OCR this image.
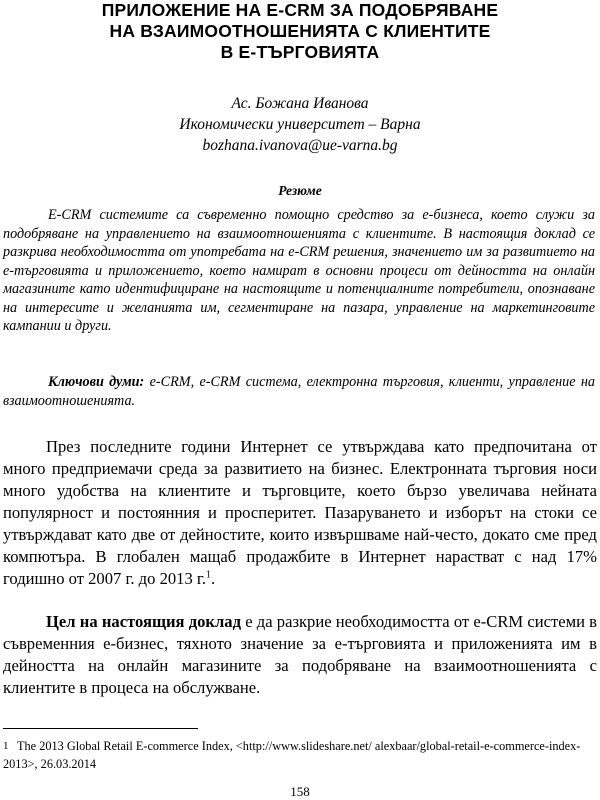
ПРИЛОЖЕНИЕ НА E-CRM ЗА ПОДОБРЯВАНЕ
НА ВЗАИМООТНОШЕНИЯТА С КЛИЕНТИТЕ
В Е-ТЪРГОВИЯТА
Ас. Божана Иванова
Икономически университет – Варна
bozhana.ivanova@ue-varna.bg
Резюме

E-CRM системите са съвременно помощно средство за е-бизнеса, което служи за подобряване на управлението на взаимоотношенията с клиентите. В настоящия доклад се разкрива необходимостта от употребата на е-CRM решения, значението им за развитието на е-търговията и приложението, което намират в основни процеси от дейността на онлайн магазините като идентифициране на настоящите и потенциалните потребители, опознаване на интересите и желанията им, сегментиране на пазара, управление на маркетинговите кампании и други.

Ключови думи: e-CRM, e-CRM система, електронна търговия, клиенти, управление на взаимоотношенията.

През последните години Интернет се утвърждава като предпочитана от много предприемачи среда за развитието на бизнес. Електронната търговия носи много удобства на клиентите и търговците, което бързо увеличава нейната популярност и постоянния и просперитет. Пазаруването и изборът на стоки се утвърждават като две от дейностите, които извършваме най-често, докато сме пред компютъра. В глобален мащаб продажбите в Интернет нарастват с над 17% годишно от 2007 г. до 2013 г.$^1$.

Цел на настоящия доклад е да разкрие необходимостта от e-CRM системи в съвременния е-бизнес, тяхното значение за е-търговията и приложенията им в дейността на онлайн магазините за подобряване на взаимоотношенията с клиентите в процеса на обслужване.

1 The 2013 Global Retail E-commerce Index, <http://www.slideshare.net/ alexbaar/global-retail-e-commerce-index-2013>, 26.03.2014

158
